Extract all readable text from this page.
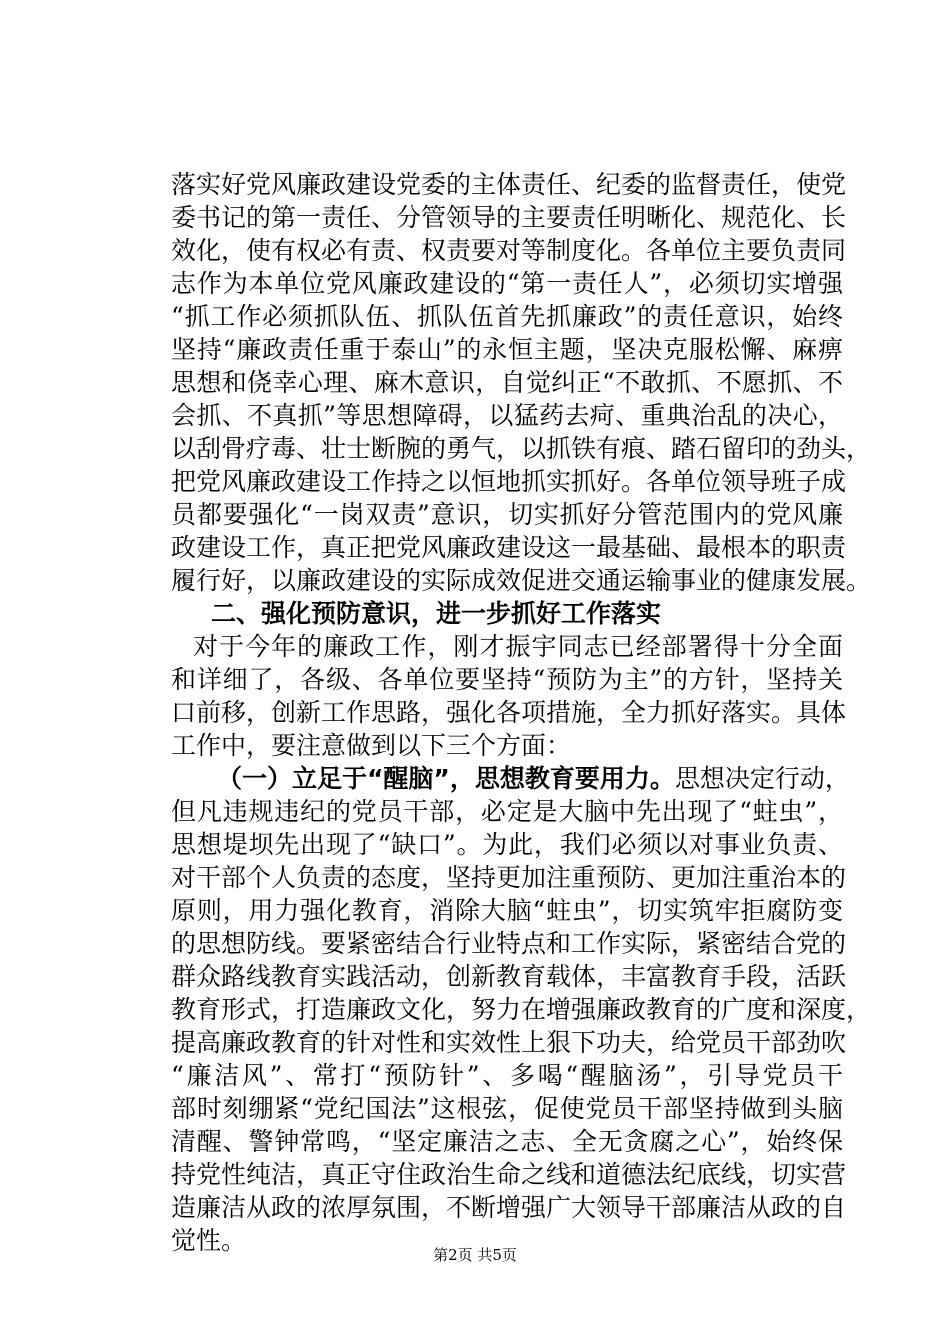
落实好党风廉政建设党委的主体责任、纪委的监督责任，使党
委书记的第一责任、分管领导的主要责任明晰化、规范化、长
效化，使有权必有责、权责要对等制度化。各单位主要负责同
志作为本单位党风廉政建设的“第一责任人”，必须切实增强
“抓工作必须抓队伍、抓队伍首先抓廉政”的责任意识，始终
坚持“廉政责任重于泰山”的永恒主题，坚决克服松懈、麻痹
思想和侥幸心理、麻木意识，自觉纠正“不敢抓、不愿抓、不
会抓、不真抓”等思想障碍，以猛药去疴、重典治乱的决心，
以刮骨疗毒、壮士断腕的勇气，以抓铁有痕、踏石留印的劲头，
把党风廉政建设工作持之以恒地抓实抓好。各单位领导班子成
员都要强化“一岗双责”意识，切实抓好分管范围内的党风廉
政建设工作，真正把党风廉政建设这一最基础、最根本的职责
履行好，以廉政建设的实际成效促进交通运输事业的健康发展。
二、强化预防意识，进一步抓好工作落实
对于今年的廉政工作，刚才振宇同志已经部署得十分全面
和详细了，各级、各单位要坚持“预防为主”的方针，坚持关
口前移，创新工作思路，强化各项措施，全力抓好落实。具体
工作中，要注意做到以下三个方面：
（一）立足于“醒脑”，思想教育要用力。思想决定行动，
但凡违规违纪的党员干部，必定是大脑中先出现了“蛀虫”，
思想堤坝先出现了“缺口”。为此，我们必须以对事业负责、
对干部个人负责的态度，坚持更加注重预防、更加注重治本的
原则，用力强化教育，消除大脑“蛀虫”，切实筑牢拒腐防变
的思想防线。要紧密结合行业特点和工作实际，紧密结合党的
群众路线教育实践活动，创新教育载体，丰富教育手段，活跃
教育形式，打造廉政文化，努力在增强廉政教育的广度和深度，
提高廉政教育的针对性和实效性上狠下功夫，给党员干部劲吹
“廉洁风”、常打“预防针”、多喝“醒脑汤”，引导党员干
部时刻绷紧“党纪国法”这根弦，促使党员干部坚持做到头脑
清醒、警钟常鸣，“坚定廉洁之志、全无贪腐之心”，始终保
持党性纯洁，真正守住政治生命之线和道德法纪底线，切实营
造廉洁从政的浓厚氛围，不断增强广大领导干部廉洁从政的自
觉性。	第2页 共5页
